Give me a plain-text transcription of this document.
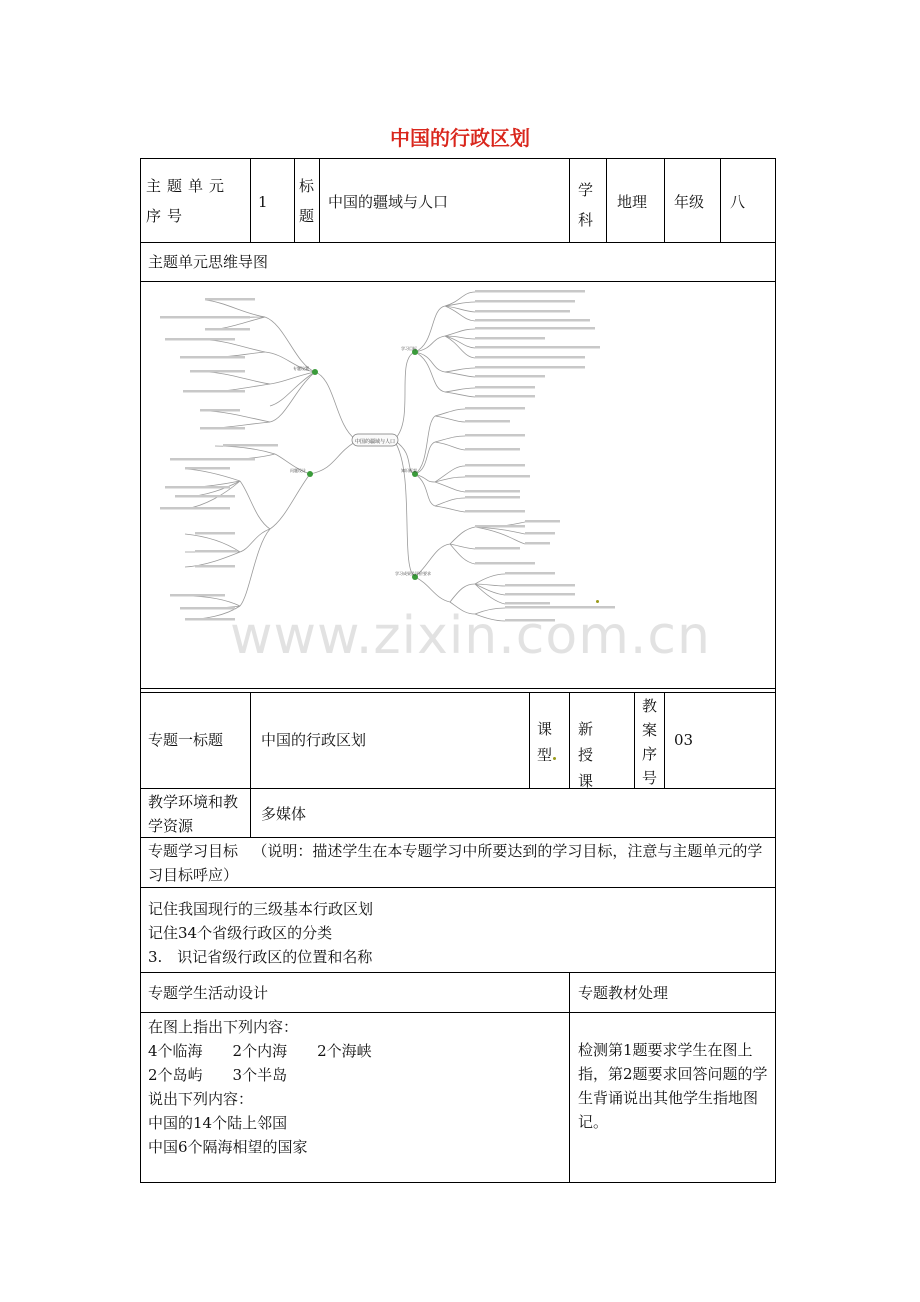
中国的行政区划
主题单元序号
1
标题
中国的疆域与人口
学科
地理 年级 八
主题单元思维导图
中国的疆域与人口
专题设置
问题设计
学习目标
知识框架
学习成果及评价要求
www.zixin.com.cn
专题一标题	中国的行政区划
课型
新授课
教案序号
03
教学环境和教学资源
多媒体
专题学习目标 （说明：描述学生在本专题学习中所要达到的学习目标，注意与主题单元的学习目标呼应）
记住我国现行的三级基本行政区划
记住34个省级行政区的分类
3.　识记省级行政区的位置和名称
专题学生活动设计	专题教材处理
在图上指出下列内容：
4个临海　　2个内海　　2个海峡
2个岛屿　　3个半岛
说出下列内容：
中国的14个陆上邻国
中国6个隔海相望的国家
检测第1题要求学生在图上指，第2题要求回答问题的学生背诵说出其他学生指地图记。
